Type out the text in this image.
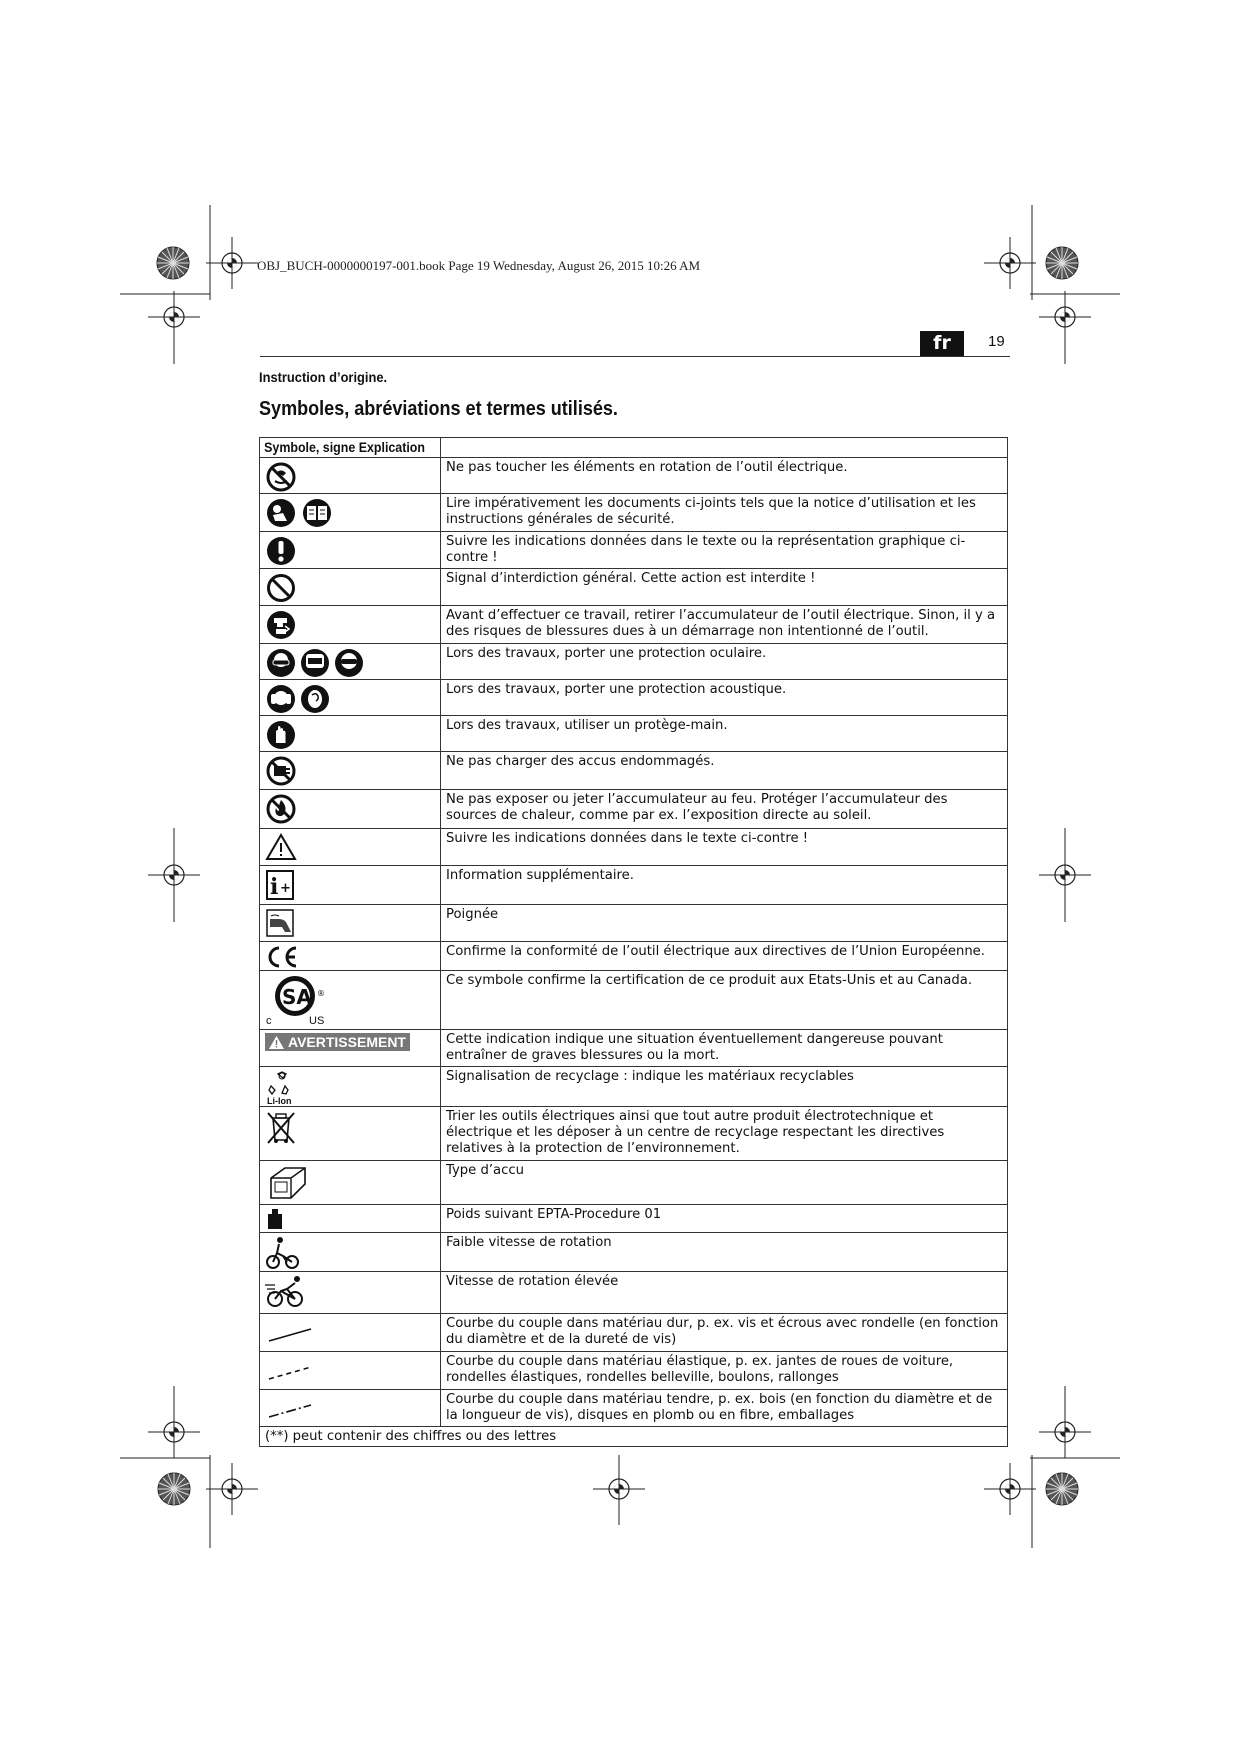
OBJ_BUCH-0000000197-001.book Page 19 Wednesday, August 26, 2015 10:26 AM
fr	19
Instruction d’origine.
Symboles, abréviations et termes utilisés.
Symbole, signe Explication	

	Ne pas toucher les éléments en rotation de l’outil électrique.

	Lire impérativement les documents ci-joints tels que la notice d’utilisation et les instructions générales de sécurité.

	Suivre les indications données dans le texte ou la représentation graphique ci-contre !

	Signal d’interdiction général. Cette action est interdite !

	Avant d’effectuer ce travail, retirer l’accumulateur de l’outil électrique. Sinon, il y a des risques de blessures dues à un démarrage non intentionné de l’outil.

	Lors des travaux, porter une protection oculaire.

	Lors des travaux, porter une protection acoustique.

	Lors des travaux, utiliser un protège-main.

	Ne pas charger des accus endommagés.

	Ne pas exposer ou jeter l’accumulateur au feu. Protéger l’accumulateur des sources de chaleur, comme par ex. l’exposition directe au soleil.

	Suivre les indications données dans le texte ci-contre !

i +	Information supplémentaire.

	Poignée

	Confirme la conformité de l’outil électrique aux directives de l’Union Européenne.

SA ®
c US	Ce symbole confirme la certification de ce produit aux Etats-Unis et au Canada.

AVERTISSEMENT	Cette indication indique une situation éventuellement dangereuse pouvant entraîner de graves blessures ou la mort.

Li-Ion	Signalisation de recyclage : indique les matériaux recyclables

	Trier les outils électriques ainsi que tout autre produit électrotechnique et électrique et les déposer à un centre de recyclage respectant les directives relatives à la protection de l’environnement.

	Type d’accu

	Poids suivant EPTA-Procedure 01

	Faible vitesse de rotation

	Vitesse de rotation élevée

	Courbe du couple dans matériau dur, p. ex. vis et écrous avec rondelle (en fonction du diamètre et de la dureté de vis)

	Courbe du couple dans matériau élastique, p. ex. jantes de roues de voiture, rondelles élastiques, rondelles belleville, boulons, rallonges

	Courbe du couple dans matériau tendre, p. ex. bois (en fonction du diamètre et de la longueur de vis), disques en plomb ou en fibre, emballages
(**) peut contenir des chiffres ou des lettres	
